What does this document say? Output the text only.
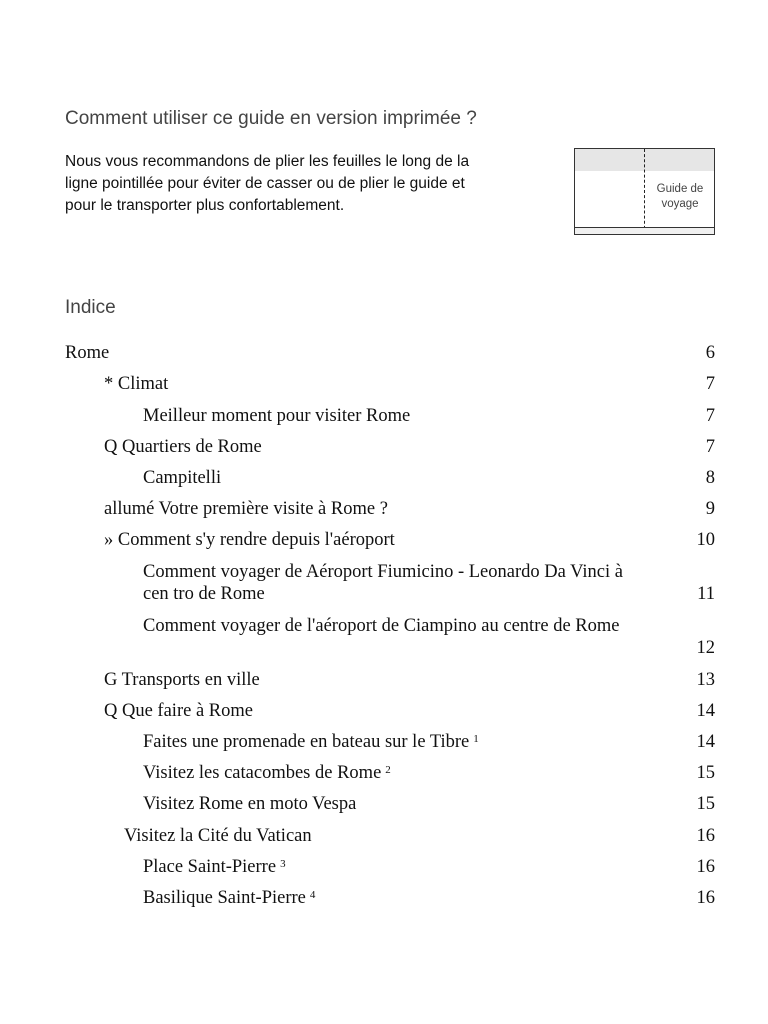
Comment utiliser ce guide en version imprimée ?

Nous vous recommandons de plier les feuilles le long de la
ligne pointillée pour éviter de casser ou de plier le guide et
pour le transporter plus confortablement.

Guide de
voyage
Indice
Rome	6
* Climat	7
Meilleur moment pour visiter Rome	7
Q Quartiers de Rome	7
Campitelli	8
allumé Votre première visite à Rome ?	9
» Comment s'y rendre depuis l'aéroport	10
Comment voyager de Aéroport Fiumicino - Leonardo Da Vinci à
cen tro de Rome	11
Comment voyager de l'aéroport de Ciampino au centre de Rome
12
G Transports en ville	13
Q Que faire à Rome	14
Faites une promenade en bateau sur le Tibre $^1$	14
Visitez les catacombes de Rome $^2$	15
Visitez Rome en moto Vespa	15
Visitez la Cité du Vatican	16
Place Saint-Pierre $^3$	16
Basilique Saint-Pierre $^4$	16
